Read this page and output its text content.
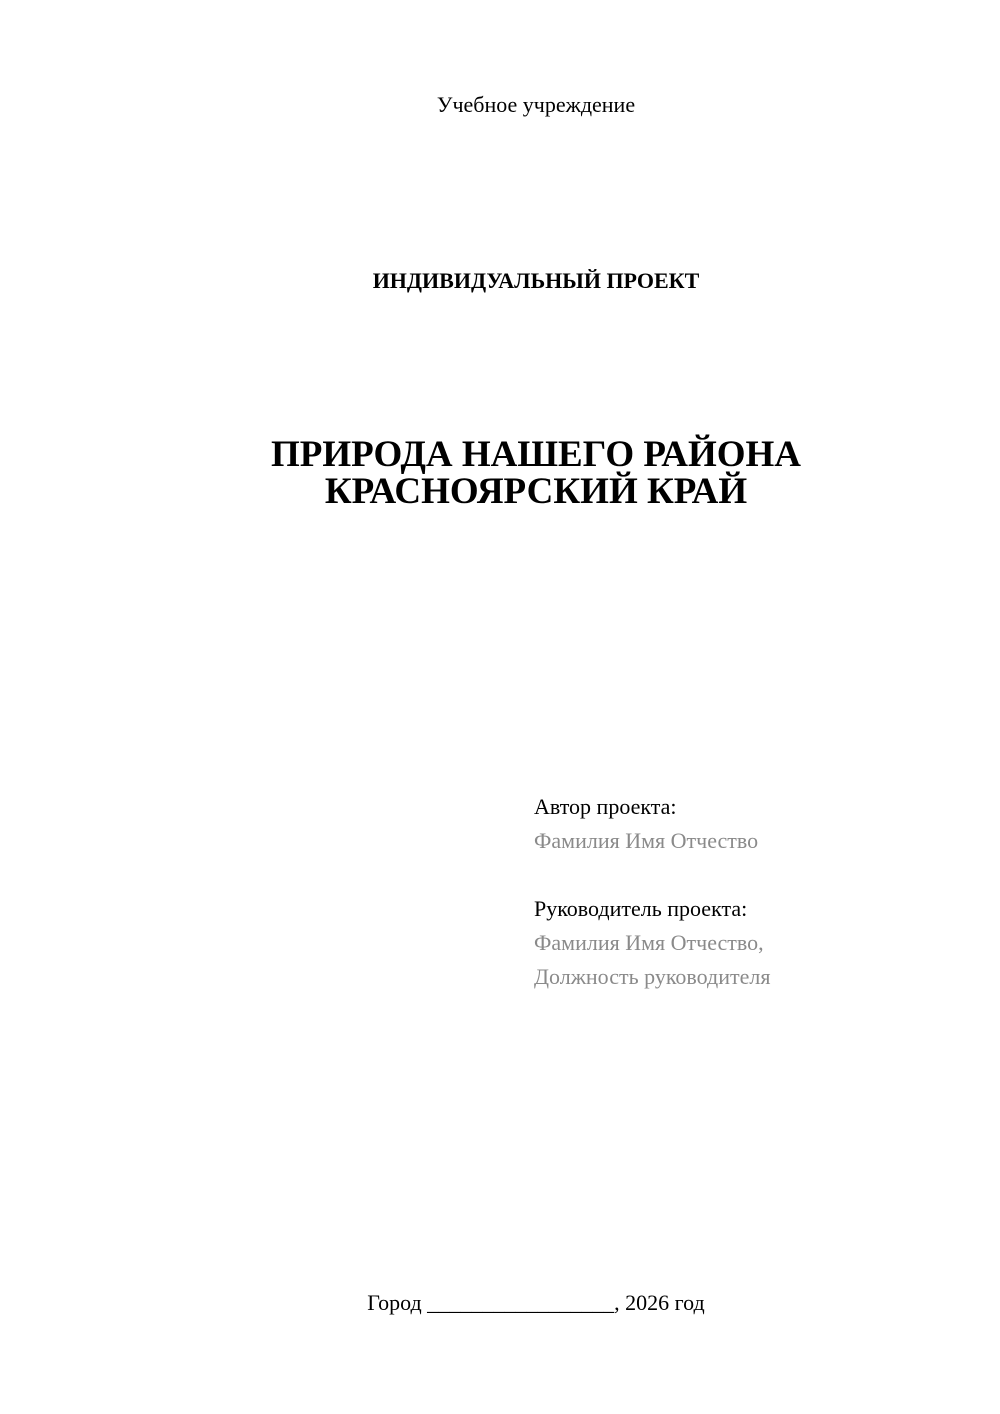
Учебное учреждение
ИНДИВИДУАЛЬНЫЙ ПРОЕКТ
ПРИРОДА НАШЕГО РАЙОНА
КРАСНОЯРСКИЙ КРАЙ
Автор проекта:
Фамилия Имя Отчество
Руководитель проекта:
Фамилия Имя Отчество,
Должность руководителя
Город _________________, 2026 год
